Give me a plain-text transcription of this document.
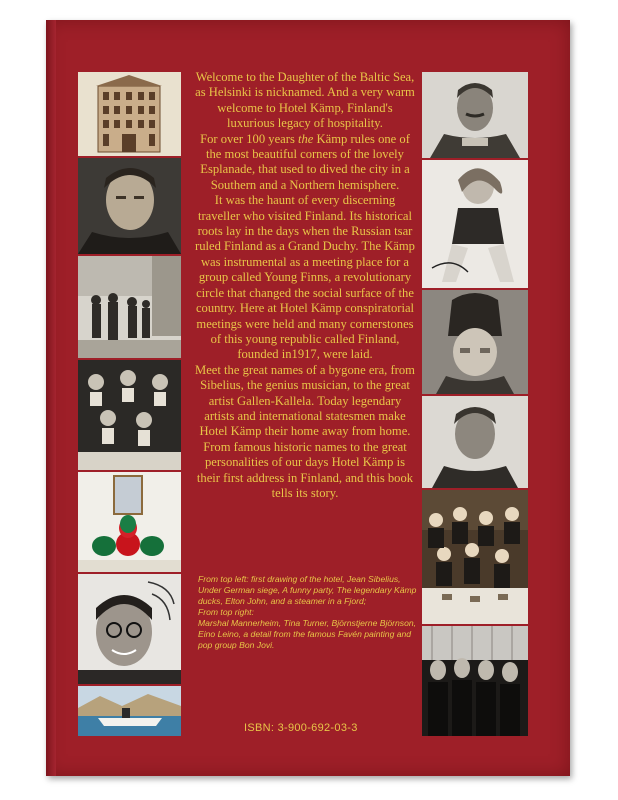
Welcome to the Daughter of the Baltic Sea, as Helsinki is nicknamed. And a very warm welcome to Hotel Kämp, Finland's luxurious legacy of hospitality.

For over 100 years the Kämp rules one of the most beautiful corners of the lovely Esplanade, that used to dived the city in a Southern and a Northern hemisphere.

It was the haunt of every discerning traveller who visited Finland. Its historical roots lay in the days when the Russian tsar ruled Finland as a Grand Duchy. The Kämp was instrumental as a meeting place for a group called Young Finns, a revolutionary circle that changed the social surface of the country. Here at Hotel Kämp conspiratorial meetings were held and many cornerstones of this young republic called Finland, founded in1917, were laid.

Meet the great names of a bygone era, from Sibelius, the genius musician, to the great artist Gallen-Kallela. Today legendary artists and international statesmen make Hotel Kämp their home away from home.

From famous historic names to the great personalities of our days Hotel Kämp is their first address in Finland, and this book tells its story.

From top left: first drawing of the hotel, Jean Sibelius, Under German siege, A funny party, The legendary Kämp ducks, Elton John, and a steamer in a Fjord;
From top right:
Marshal Mannerheim, Tina Turner, Björnstjerne Björnson, Eino Leino, a detail from the famous Favén painting and pop group Bon Jovi.
ISBN: 3-900-692-03-3
